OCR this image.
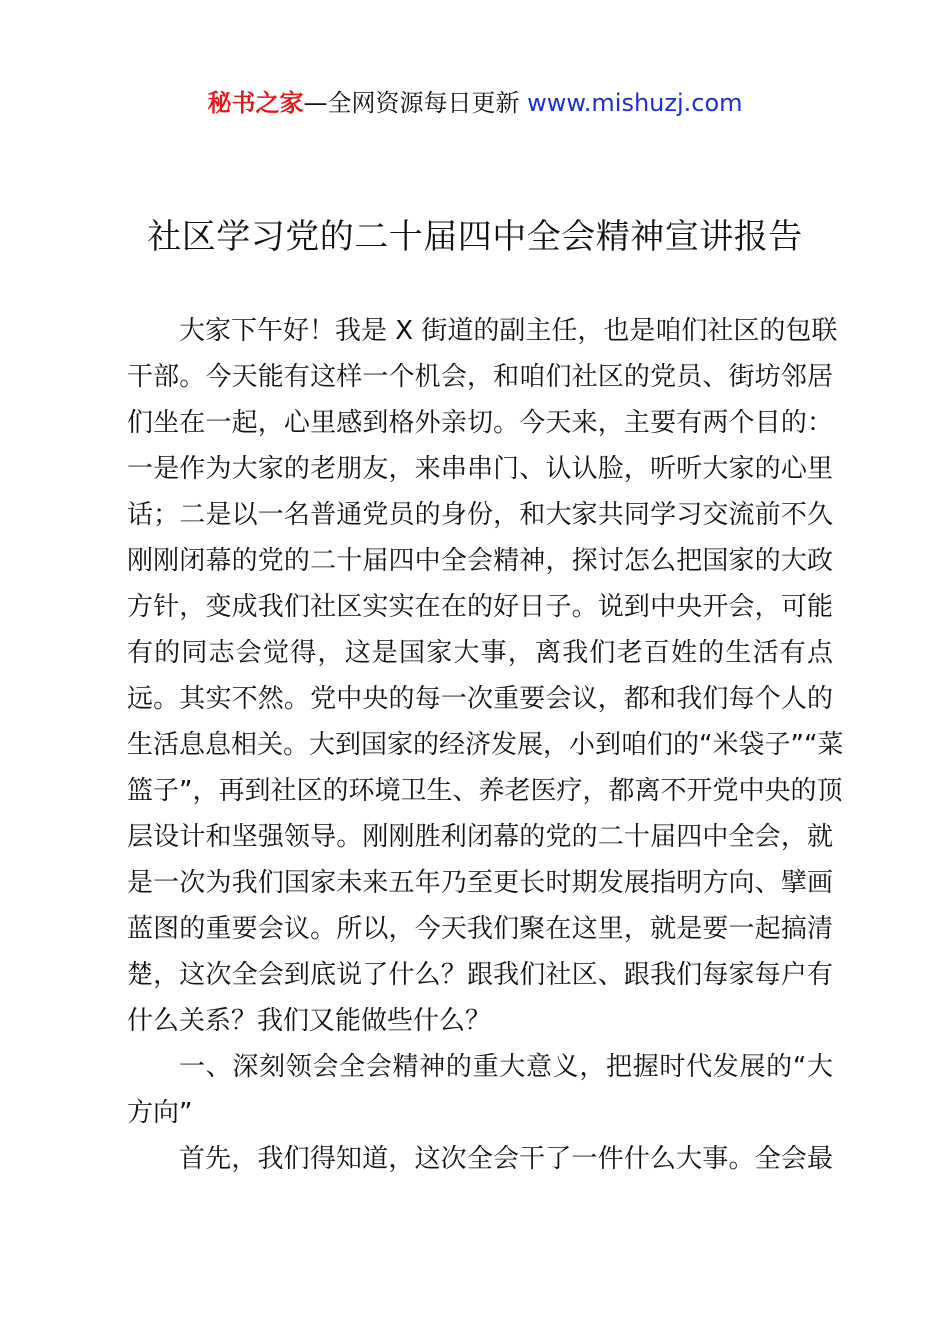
秘书之家—全网资源每日更新 www.mishuzj.com
社区学习党的二十届四中全会精神宣讲报告
大家下午好！我是 X 街道的副主任，也是咱们社区的包联
干部。今天能有这样一个机会，和咱们社区的党员、街坊邻居
们坐在一起，心里感到格外亲切。今天来，主要有两个目的：
一是作为大家的老朋友，来串串门、认认脸，听听大家的心里
话；二是以一名普通党员的身份，和大家共同学习交流前不久
刚刚闭幕的党的二十届四中全会精神，探讨怎么把国家的大政
方针，变成我们社区实实在在的好日子。说到中央开会，可能
有的同志会觉得，这是国家大事，离我们老百姓的生活有点
远。其实不然。党中央的每一次重要会议，都和我们每个人的
生活息息相关。大到国家的经济发展，小到咱们的“米袋子”“菜
篮子”，再到社区的环境卫生、养老医疗，都离不开党中央的顶
层设计和坚强领导。刚刚胜利闭幕的党的二十届四中全会，就
是一次为我们国家未来五年乃至更长时期发展指明方向、擘画
蓝图的重要会议。所以，今天我们聚在这里，就是要一起搞清
楚，这次全会到底说了什么？跟我们社区、跟我们每家每户有
什么关系？我们又能做些什么？
一、深刻领会全会精神的重大意义，把握时代发展的“大
方向”
首先，我们得知道，这次全会干了一件什么大事。全会最
